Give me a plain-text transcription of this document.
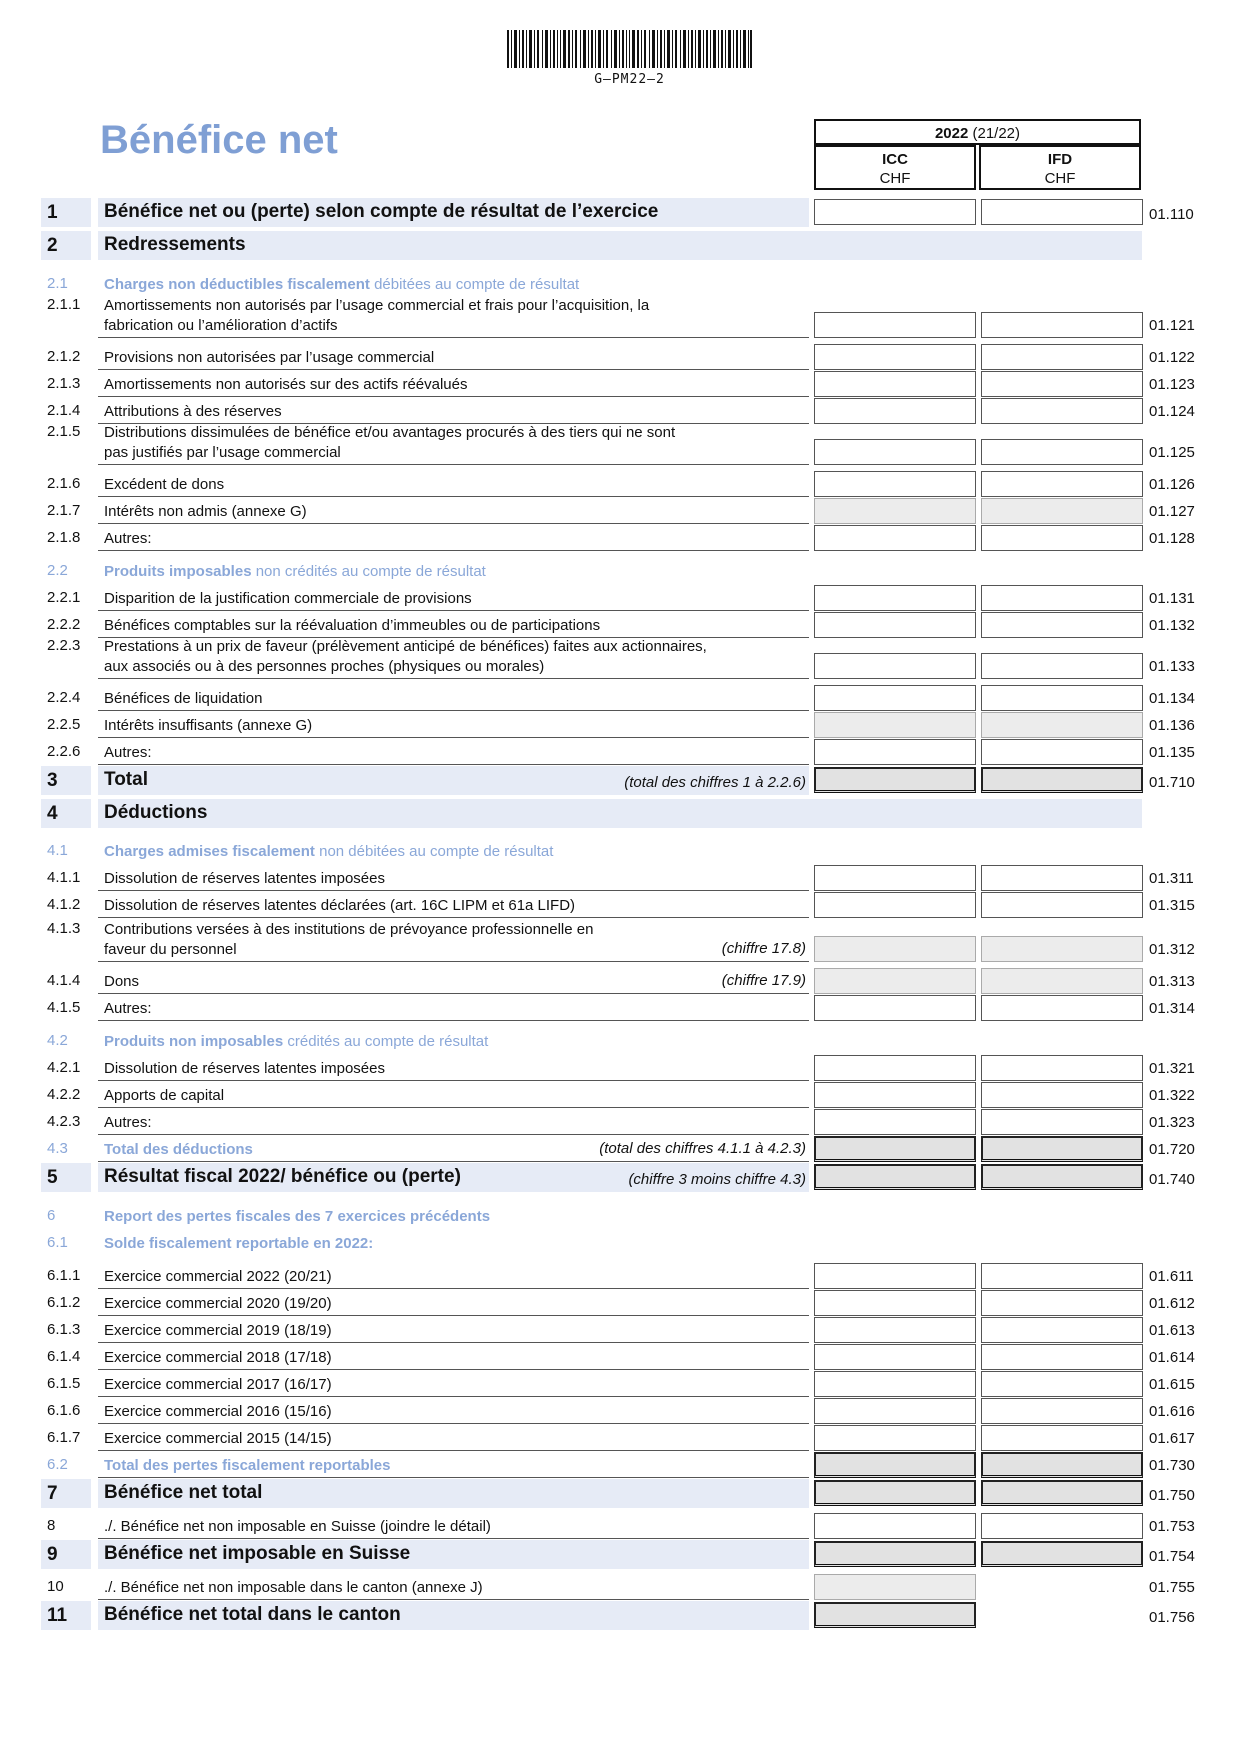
G–PM22–2
Bénéfice net	2022 (21/22)
ICC
CHF
IFD
CHF
1 Bénéfice net ou (perte) selon compte de résultat de l’exercice	01.110
2 Redressements
2.1 Charges non déductibles fiscalement débitées au compte de résultat
2.1.1 Amortissements non autorisés par l’usage commercial et frais pour l’acquisition, la
fabrication ou l’amélioration d’actifs	01.121
2.1.2 Provisions non autorisées par l’usage commercial	01.122
2.1.3 Amortissements non autorisés sur des actifs réévalués	01.123
2.1.4 Attributions à des réserves	01.124
2.1.5 Distributions dissimulées de bénéfice et/ou avantages procurés à des tiers qui ne sont
pas justifiés par l’usage commercial	01.125
2.1.6 Excédent de dons	01.126
2.1.7 Intérêts non admis (annexe G)	01.127
2.1.8 Autres:	01.128
2.2 Produits imposables non crédités au compte de résultat
2.2.1 Disparition de la justification commerciale de provisions	01.131
2.2.2 Bénéfices comptables sur la réévaluation d’immeubles ou de participations	01.132
2.2.3 Prestations à un prix de faveur (prélèvement anticipé de bénéfices) faites aux actionnaires,
aux associés ou à des personnes proches (physiques ou morales)	01.133
2.2.4 Bénéfices de liquidation	01.134
2.2.5 Intérêts insuffisants (annexe G)	01.136
2.2.6 Autres:	01.135
3 Total	(total des chiffres 1 à 2.2.6)	01.710
4 Déductions
4.1 Charges admises fiscalement non débitées au compte de résultat
4.1.1 Dissolution de réserves latentes imposées	01.311
4.1.2 Dissolution de réserves latentes déclarées (art. 16C LIPM et 61a LIFD)	01.315
4.1.3 Contributions versées à des institutions de prévoyance professionnelle en
faveur du personnel	(chiffre 17.8)	01.312
4.1.4 Dons	(chiffre 17.9)	01.313
4.1.5 Autres:	01.314
4.2 Produits non imposables crédités au compte de résultat
4.2.1 Dissolution de réserves latentes imposées	01.321
4.2.2 Apports de capital	01.322
4.2.3 Autres:	01.323
4.3 Total des déductions	(total des chiffres 4.1.1 à 4.2.3)	01.720
5 Résultat fiscal 2022/ bénéfice ou (perte)	(chiffre 3 moins chiffre 4.3)	01.740
6	Report des pertes fiscales des 7 exercices précédents
6.1 Solde fiscalement reportable en 2022:
6.1.1 Exercice commercial 2022 (20/21)	01.611
6.1.2 Exercice commercial 2020 (19/20)	01.612
6.1.3 Exercice commercial 2019 (18/19)	01.613
6.1.4 Exercice commercial 2018 (17/18)	01.614
6.1.5 Exercice commercial 2017 (16/17)	01.615
6.1.6 Exercice commercial 2016 (15/16)	01.616
6.1.7 Exercice commercial 2015 (14/15)	01.617
6.2 Total des pertes fiscalement reportables	01.730
7 Bénéfice net total	01.750
8	./. Bénéfice net non imposable en Suisse (joindre le détail)	01.753
9 Bénéfice net imposable en Suisse	01.754
10	./. Bénéfice net non imposable dans le canton (annexe J)	01.755
11 Bénéfice net total dans le canton	01.756
